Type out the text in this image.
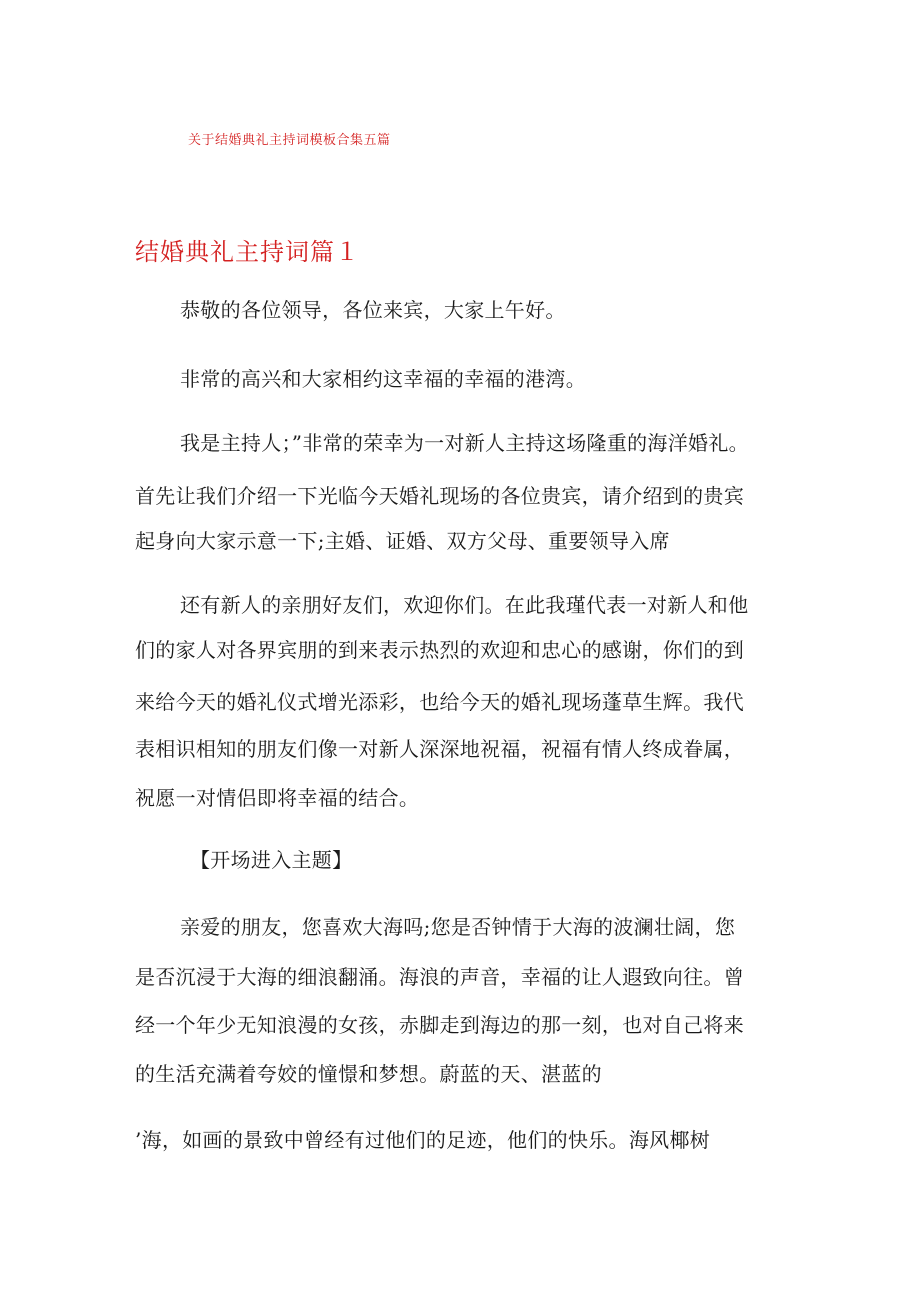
关于结婚典礼主持词模板合集五篇
结婚典礼主持词篇１
恭敬的各位领导，各位来宾，大家上午好。
非常的高兴和大家相约这幸福的幸福的港湾。
我是主持人；”非常的荣幸为一对新人主持这场隆重的海洋婚礼。
首先让我们介绍一下光临今天婚礼现场的各位贵宾，请介绍到的贵宾
起身向大家示意一下;主婚、证婚、双方父母、重要领导入席
还有新人的亲朋好友们，欢迎你们。在此我瑾代表一对新人和他
们的家人对各界宾朋的到来表示热烈的欢迎和忠心的感谢，你们的到
来给今天的婚礼仪式增光添彩，也给今天的婚礼现场蓬草生辉。我代
表相识相知的朋友们像一对新人深深地祝福，祝福有情人终成眷属，
祝愿一对情侣即将幸福的结合。
【开场进入主题】
亲爱的朋友，您喜欢大海吗;您是否钟情于大海的波澜壮阔，您
是否沉浸于大海的细浪翻涌。海浪的声音，幸福的让人遐致向往。曾
经一个年少无知浪漫的女孩，赤脚走到海边的那一刻，也对自己将来
的生活充满着夸姣的憧憬和梦想。蔚蓝的天、湛蓝的
’海，如画的景致中曾经有过他们的足迹，他们的快乐。海风椰树
